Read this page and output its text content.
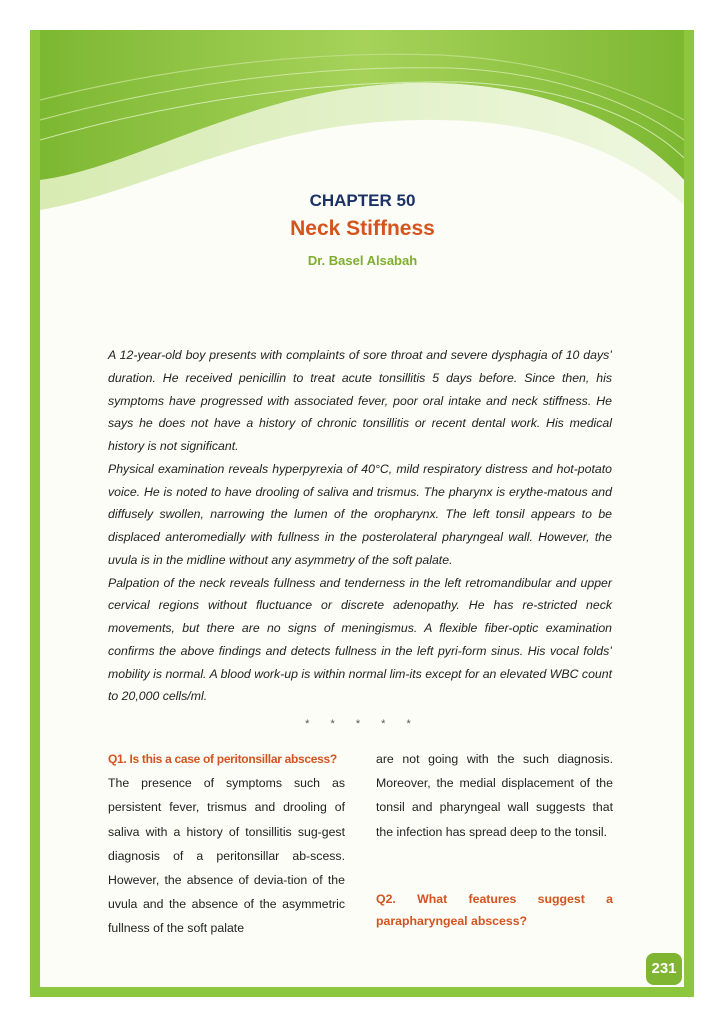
CHAPTER 50
Neck Stiffness
Dr. Basel Alsabah

A 12-year-old boy presents with complaints of sore throat and severe dysphagia of 10 days’ duration. He received penicillin to treat acute tonsillitis 5 days before. Since then, his symptoms have progressed with associated fever, poor oral intake and neck stiffness. He says he does not have a history of chronic tonsillitis or recent dental work. His medical history is not significant.

Physical examination reveals hyperpyrexia of 40°C, mild respiratory distress and hot-potato voice. He is noted to have drooling of saliva and trismus. The pharynx is erythe-matous and diffusely swollen, narrowing the lumen of the oropharynx. The left tonsil appears to be displaced anteromedially with fullness in the posterolateral pharyngeal wall. However, the uvula is in the midline without any asymmetry of the soft palate.

Palpation of the neck reveals fullness and tenderness in the left retromandibular and upper cervical regions without fluctuance or discrete adenopathy. He has re-stricted neck movements, but there are no signs of meningismus. A flexible fiber-optic examination confirms the above findings and detects fullness in the left pyri-form sinus. His vocal folds’ mobility is normal. A blood work-up is within normal lim-its except for an elevated WBC count to 20,000 cells/ml.

* * * * *
Q1. Is this a case of peritonsillar abscess?
The presence of symptoms such as persistent fever, trismus and drooling of saliva with a history of tonsillitis sug-gest diagnosis of a peritonsillar ab-scess. However, the absence of devia-tion of the uvula and the absence of the asymmetric fullness of the soft palate
are not going with the such diagnosis. Moreover, the medial displacement of the tonsil and pharyngeal wall suggests that the infection has spread deep to the tonsil.
Q2. What features suggest a
parapharyngeal abscess?
231
